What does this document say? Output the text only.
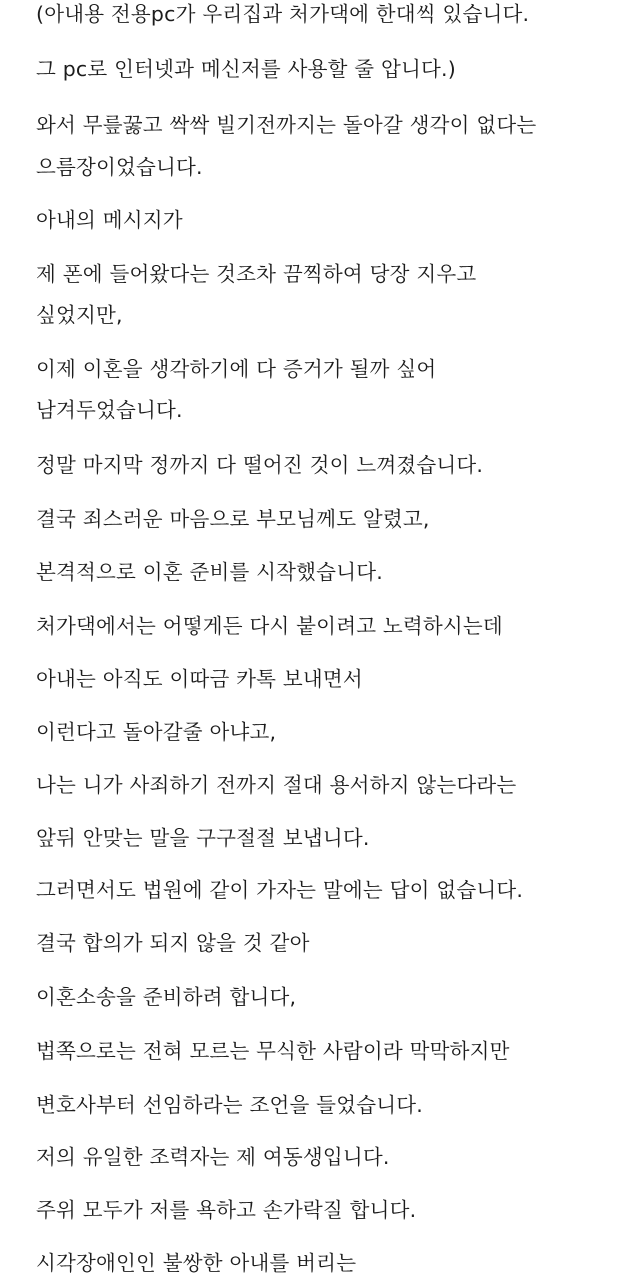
(아내용 전용pc가 우리집과 처가댁에 한대씩 있습니다.

그 pc로 인터넷과 메신저를 사용할 줄 압니다.)

와서 무릎꿇고 싹싹 빌기전까지는 돌아갈 생각이 없다는

으름장이었습니다.

아내의 메시지가

제 폰에 들어왔다는 것조차 끔찍하여 당장 지우고

싶었지만,

이제 이혼을 생각하기에 다 증거가 될까 싶어

남겨두었습니다.

정말 마지막 정까지 다 떨어진 것이 느껴졌습니다.

결국 죄스러운 마음으로 부모님께도 알렸고,

본격적으로 이혼 준비를 시작했습니다.

처가댁에서는 어떻게든 다시 붙이려고 노력하시는데

아내는 아직도 이따금 카톡 보내면서

이런다고 돌아갈줄 아냐고,

나는 니가 사죄하기 전까지 절대 용서하지 않는다라는

앞뒤 안맞는 말을 구구절절 보냅니다.

그러면서도 법원에 같이 가자는 말에는 답이 없습니다.

결국 합의가 되지 않을 것 같아

이혼소송을 준비하려 합니다,

법쪽으로는 전혀 모르는 무식한 사람이라 막막하지만

변호사부터 선임하라는 조언을 들었습니다.

저의 유일한 조력자는 제 여동생입니다.

주위 모두가 저를 욕하고 손가락질 합니다.

시각장애인인 불쌍한 아내를 버리는
